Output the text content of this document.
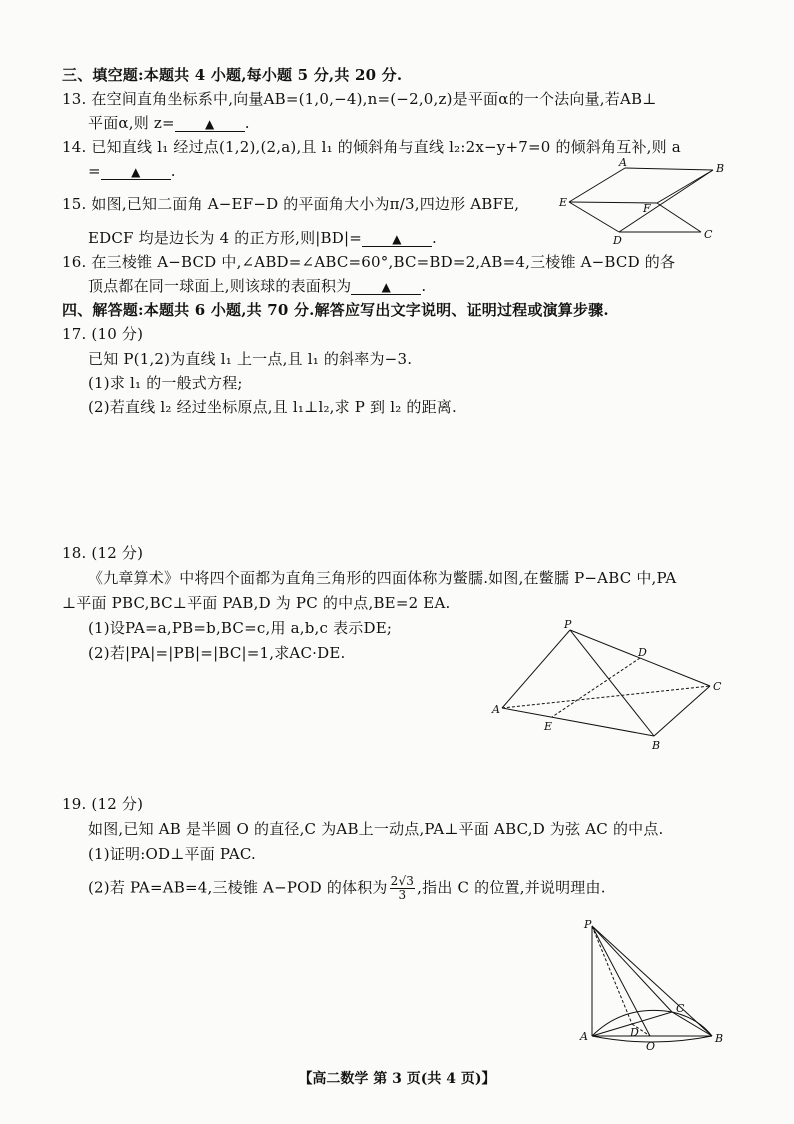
三、填空题:本题共 4 小题,每小题 5 分,共 20 分.
13. 在空间直角坐标系中,向量AB=(1,0,−4),n=(−2,0,z)是平面α的一个法向量,若AB⊥
平面α,则 z=	▲ .
14. 已知直线 l₁ 经过点(1,2),(2,a),且 l₁ 的倾斜角与直线 l₂:2x−y+7=0 的倾斜角互补,则 a
=	▲ .
15. 如图,已知二面角 A−EF−D 的平面角大小为π/3,四边形 ABFE,
EDCF 均是边长为 4 的正方形,则|BD|=	▲ .
A	B
E	F
D	C
16. 在三棱锥 A−BCD 中,∠ABD=∠ABC=60°,BC=BD=2,AB=4,三棱锥 A−BCD 的各
顶点都在同一球面上,则该球的表面积为	▲ .
四、解答题:本题共 6 小题,共 70 分.解答应写出文字说明、证明过程或演算步骤.
17. (10 分)
已知 P(1,2)为直线 l₁ 上一点,且 l₁ 的斜率为−3.
(1)求 l₁ 的一般式方程;
(2)若直线 l₂ 经过坐标原点,且 l₁⊥l₂,求 P 到 l₂ 的距离.
18. (12 分)
《九章算术》中将四个面都为直角三角形的四面体称为鳖臑.如图,在鳖臑 P−ABC 中,PA
⊥平面 PBC,BC⊥平面 PAB,D 为 PC 的中点,BE=2 EA.
(1)设PA=a,PB=b,BC=c,用 a,b,c 表示DE;
(2)若|PA|=|PB|=|BC|=1,求AC·DE.
P
D
C
A
E
B
19. (12 分)
如图,已知 AB 是半圆 O 的直径,C 为AB上一动点,PA⊥平面 ABC,D 为弦 AC 的中点.
(1)证明:OD⊥平面 PAC.
(2)若 PA=AB=4,三棱锥 A−POD 的体积为 $\frac{2√3}{3}$ ,指出 C 的位置,并说明理由.
P
C
A	D
O
B
【高二数学 第 3 页(共 4 页)】
